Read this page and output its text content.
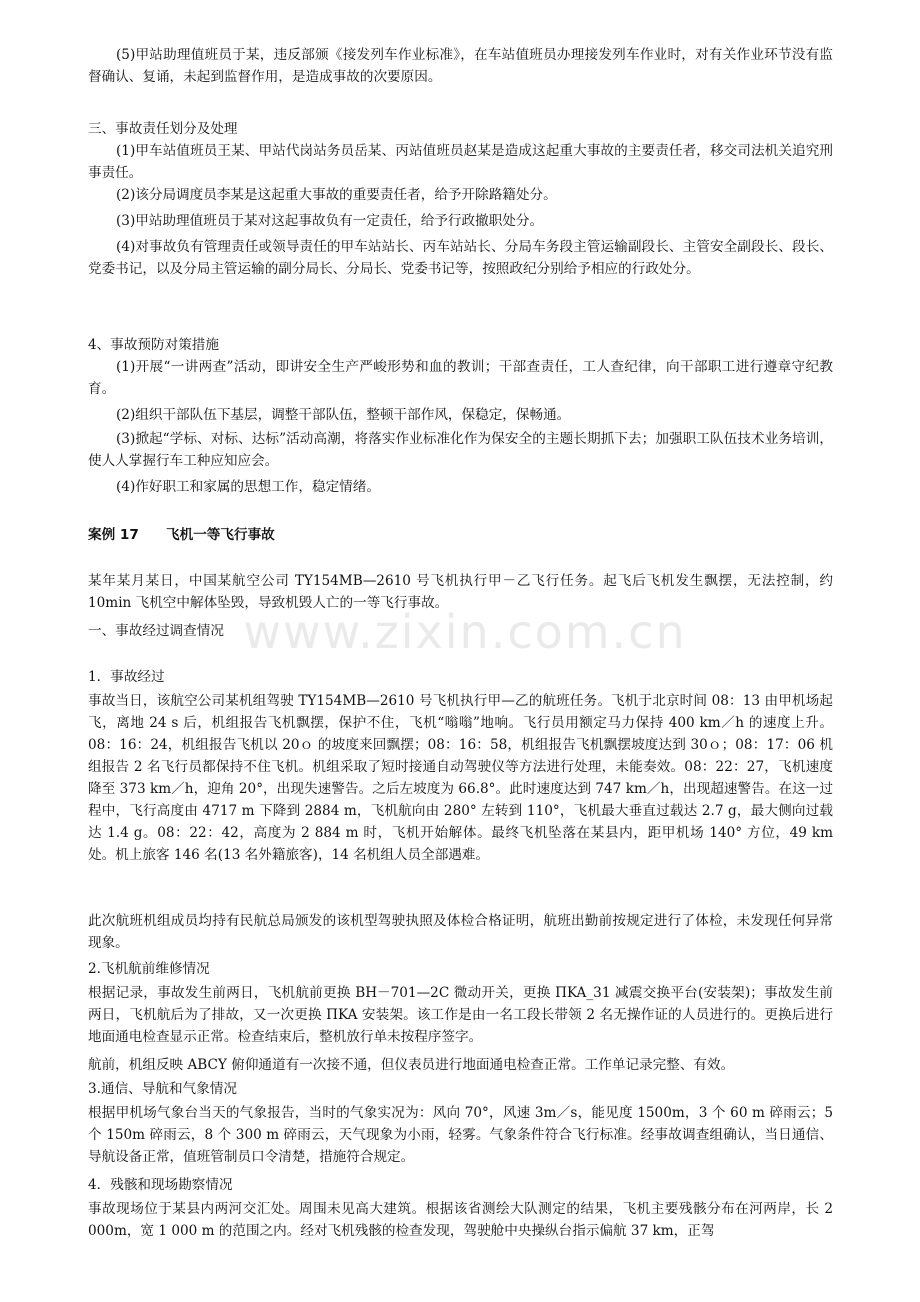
(5)甲站助理值班员于某，违反部颁《接发列车作业标准》，在车站值班员办理接发列车作业时，对有关作业环节没有监督确认、复诵，未起到监督作用，是造成事故的次要原因。
三、事故责任划分及处理
(1)甲车站值班员王某、甲站代岗站务员岳某、丙站值班员赵某是造成这起重大事故的主要责任者，移交司法机关追究刑事责任。
(2)该分局调度员李某是这起重大事故的重要责任者，给予开除路籍处分。
(3)甲站助理值班员于某对这起事故负有一定责任，给予行政撤职处分。
(4)对事故负有管理责任或领导责任的甲车站站长、丙车站站长、分局车务段主管运输副段长、主管安全副段长、段长、党委书记，以及分局主管运输的副分局长、分局长、党委书记等，按照政纪分别给予相应的行政处分。
4、事故预防对策措施
(1)开展“一讲两查”活动，即讲安全生产严峻形势和血的教训；干部查责任，工人查纪律，向干部职工进行遵章守纪教育。
(2)组织干部队伍下基层，调整干部队伍，整顿干部作风，保稳定，保畅通。
(3)掀起“学标、对标、达标”活动高潮，将落实作业标准化作为保安全的主题长期抓下去；加强职工队伍技术业务培训，使人人掌握行车工种应知应会。
(4)作好职工和家属的思想工作，稳定情绪。
案例 17　　飞机一等飞行事故
某年某月某日，中国某航空公司 TY154MB—2610 号飞机执行甲－乙飞行任务。起飞后飞机发生飘摆，无法控制，约 10min 飞机空中解体坠毁，导致机毁人亡的一等飞行事故。
一、事故经过调查情况
1．事故经过
事故当日，该航空公司某机组驾驶 TY154MB—2610 号飞机执行甲—乙的航班任务。飞机于北京时间 08：13 由甲机场起飞，离地 24 s 后，机组报告飞机飘摆，保护不住，飞机“嗡嗡”地响。飞行员用额定马力保持 400 km／h 的速度上升。08：16：24，机组报告飞机以 20ｏ 的坡度来回飘摆；08：16：58，机组报告飞机飘摆坡度达到 30ｏ；08：17：06 机组报告 2 名飞行员都保持不住飞机。机组采取了短时接通自动驾驶仪等方法进行处理，未能奏效。08：22：27，飞机速度降至 373 km／h，迎角 20°，出现失速警告。之后左坡度为 66.8°。此时速度达到 747 km／h，出现超速警告。在这一过程中，飞行高度由 4717 m 下降到 2884 m，飞机航向由 280° 左转到 110°，飞机最大垂直过载达 2.7 g，最大侧向过载达 1.4 g。08：22：42，高度为 2 884 m 时，飞机开始解体。最终飞机坠落在某县内，距甲机场 140° 方位，49 km 处。机上旅客 146 名(13 名外籍旅客)，14 名机组人员全部遇难。
此次航班机组成员均持有民航总局颁发的该机型驾驶执照及体检合格证明，航班出勤前按规定进行了体检，未发现任何异常现象。
2.飞机航前维修情况
根据记录，事故发生前两日，飞机航前更换 BH－701—2C 微动开关，更换 ПKA_31 减震交换平台(安装架)；事故发生前两日，飞机航后为了排故，又一次更换 ПKA 安装架。该工作是由一名工段长带领 2 名无操作证的人员进行的。更换后进行地面通电检查显示正常。检查结束后，整机放行单未按程序签字。
航前，机组反映 ABCY 俯仰通道有一次接不通，但仪表员进行地面通电检查正常。工作单记录完整、有效。
3.通信、导航和气象情况
根据甲机场气象台当天的气象报告，当时的气象实况为：风向 70°，风速 3m／s，能见度 1500m，3 个 60 m 碎雨云；5 个 150m 碎雨云，8 个 300 m 碎雨云，天气现象为小雨，轻雾。气象条件符合飞行标准。经事故调查组确认，当日通信、导航设备正常，值班管制员口令清楚，措施符合规定。
4．残骸和现场勘察情况
事故现场位于某县内两河交汇处。周围未见高大建筑。根据该省测绘大队测定的结果，飞机主要残骸分布在河两岸，长 2 000m，宽 1 000 m 的范围之内。经对飞机残骸的检查发现，驾驶舱中央操纵台指示偏航 37 km，正驾
www.zixin.com.cn
